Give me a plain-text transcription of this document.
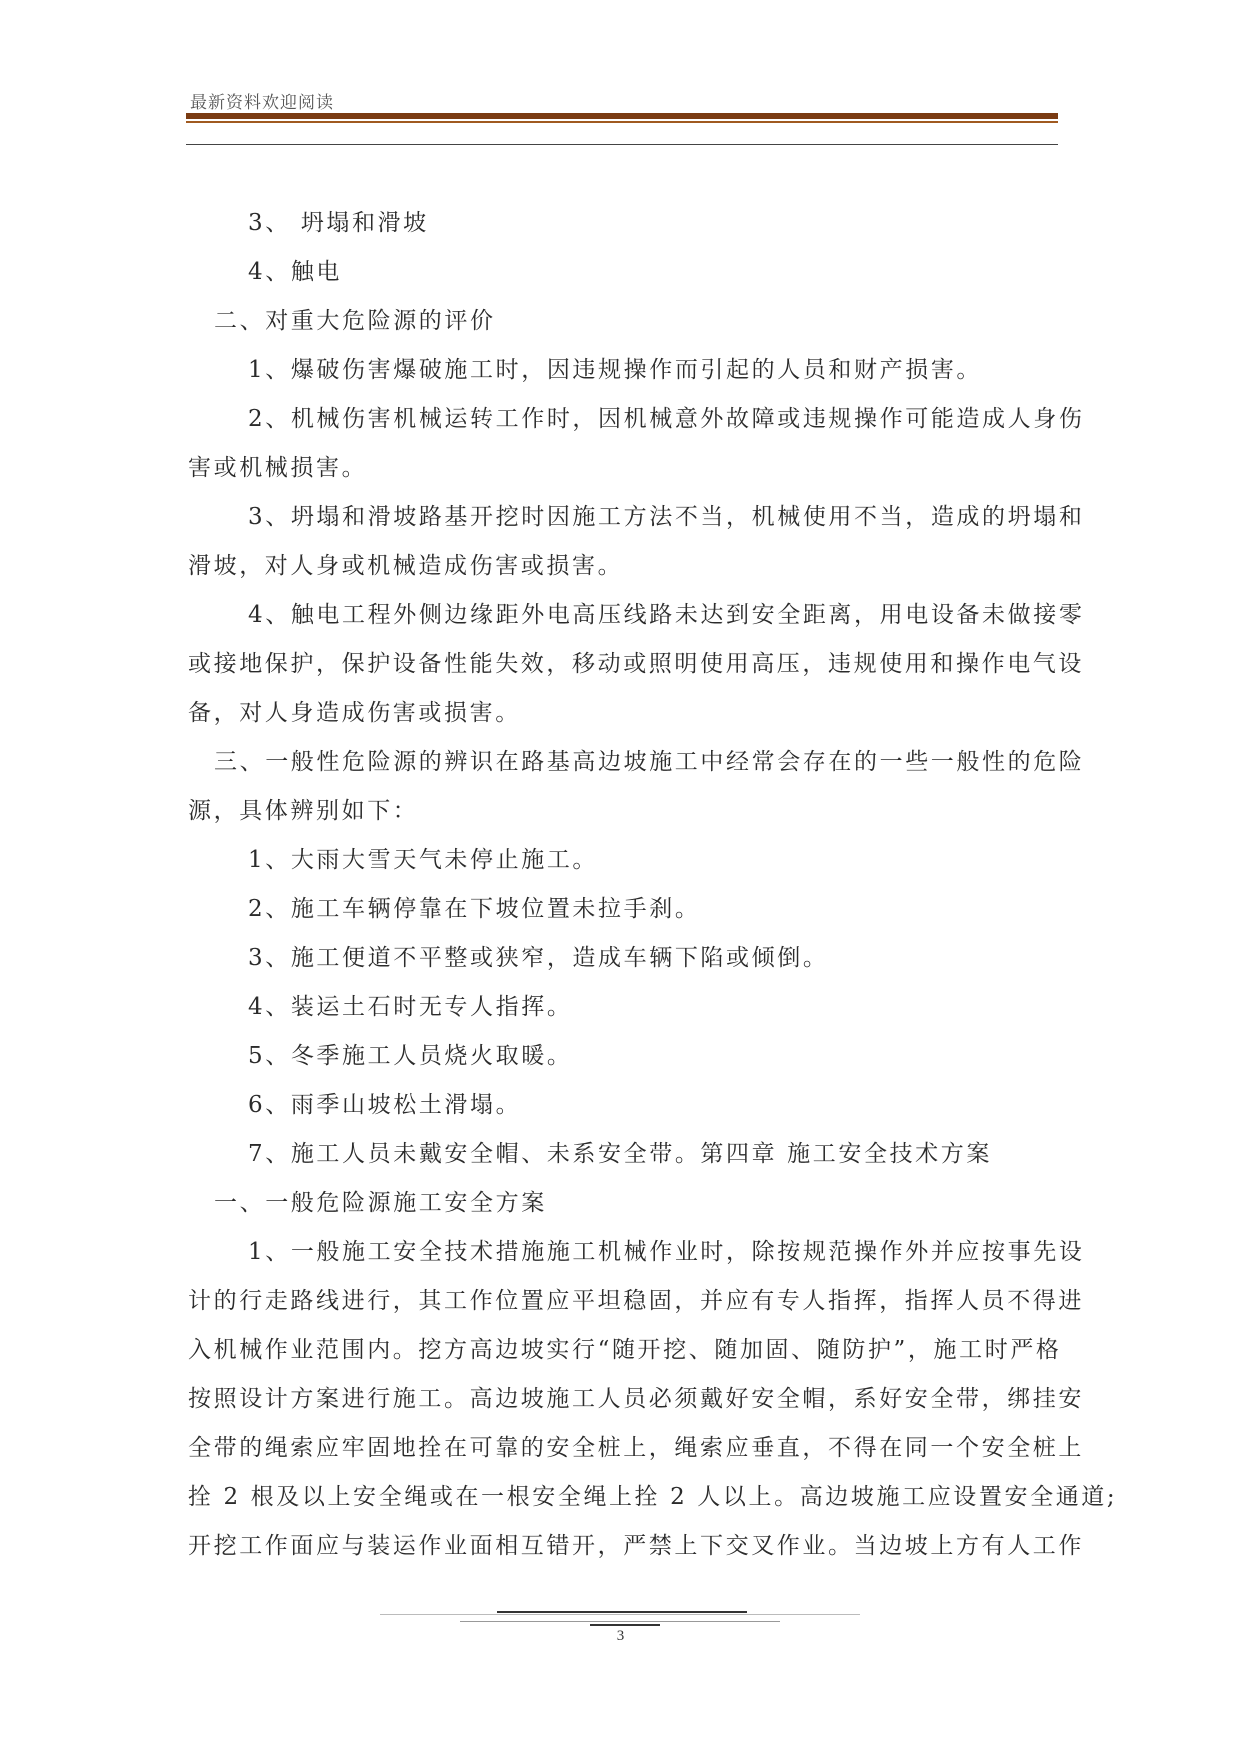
最新资料欢迎阅读
3、 坍塌和滑坡
4、触电
二、对重大危险源的评价
1、爆破伤害爆破施工时，因违规操作而引起的人员和财产损害。
2、机械伤害机械运转工作时，因机械意外故障或违规操作可能造成人身伤
害或机械损害。
3、坍塌和滑坡路基开挖时因施工方法不当，机械使用不当，造成的坍塌和
滑坡，对人身或机械造成伤害或损害。
4、触电工程外侧边缘距外电高压线路未达到安全距离，用电设备未做接零
或接地保护，保护设备性能失效，移动或照明使用高压，违规使用和操作电气设
备，对人身造成伤害或损害。
三、一般性危险源的辨识在路基高边坡施工中经常会存在的一些一般性的危险
源，具体辨别如下：
1、大雨大雪天气未停止施工。
2、施工车辆停靠在下坡位置未拉手刹。
3、施工便道不平整或狭窄，造成车辆下陷或倾倒。
4、装运土石时无专人指挥。
5、冬季施工人员烧火取暖。
6、雨季山坡松土滑塌。
7、施工人员未戴安全帽、未系安全带。第四章 施工安全技术方案
一、一般危险源施工安全方案
1、一般施工安全技术措施施工机械作业时，除按规范操作外并应按事先设
计的行走路线进行，其工作位置应平坦稳固，并应有专人指挥，指挥人员不得进
入机械作业范围内。挖方高边坡实行“随开挖、随加固、随防护”，施工时严格
按照设计方案进行施工。高边坡施工人员必须戴好安全帽，系好安全带，绑挂安
全带的绳索应牢固地拴在可靠的安全桩上，绳索应垂直，不得在同一个安全桩上
拴 2 根及以上安全绳或在一根安全绳上拴 2 人以上。高边坡施工应设置安全通道;
开挖工作面应与装运作业面相互错开，严禁上下交叉作业。当边坡上方有人工作
3
